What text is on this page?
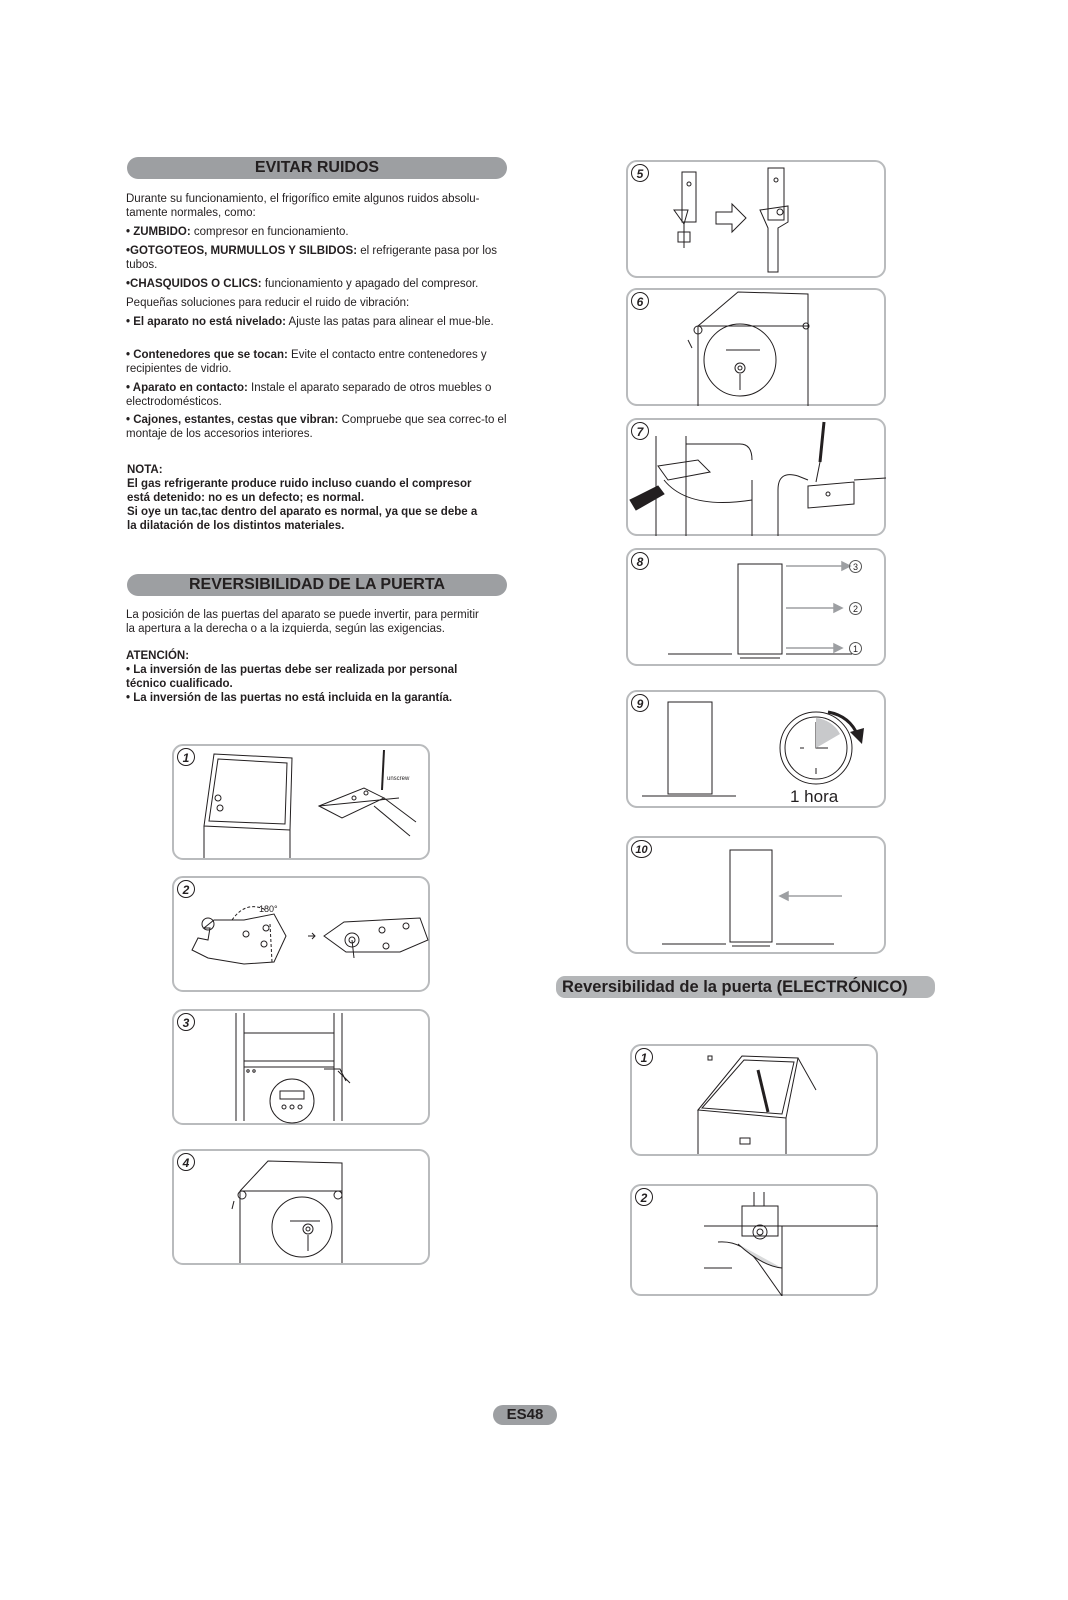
EVITAR RUIDOS
REVERSIBILIDAD DE LA PUERTA
Reversibilidad de la puerta (ELECTRÓNICO)
Durante su funcionamiento, el frigorífico emite algunos ruidos absolu-tamente normales, como:
• ZUMBIDO: compresor en funcionamiento.
•GOTGOTEOS, MURMULLOS Y SILBIDOS: el refrigerante pasa por los tubos.
•CHASQUIDOS O CLICS: funcionamiento y apagado del compresor.
Pequeñas soluciones para reducir el ruido de vibración:
• El aparato no está nivelado: Ajuste las patas para alinear el mue-ble.
• Contenedores que se tocan: Evite el contacto entre contenedores y recipientes de vidrio.
• Aparato en contacto: Instale el aparato separado de otros muebles o electrodomésticos.
• Cajones, estantes, cestas que vibran: Compruebe que sea correc-to el montaje de los accesorios interiores.
NOTA:
El gas refrigerante produce ruido incluso cuando el compresor
está detenido: no es un defecto; es normal.
Si oye un tac,tac dentro del aparato es normal, ya que se debe a
la dilatación de los distintos materiales.
La posición de las puertas del aparato se puede invertir, para permitir
la apertura a la derecha o a la izquierda, según las exigencias.
ATENCIÓN:
• La inversión de las puertas debe ser realizada por personal
técnico cualificado.
• La inversión de las puertas no está incluida en la garantía.
1
unscrew
2
180°
3
4
5
6
7
8	3
2
1
9
1 hora
10
1
2
ES48
